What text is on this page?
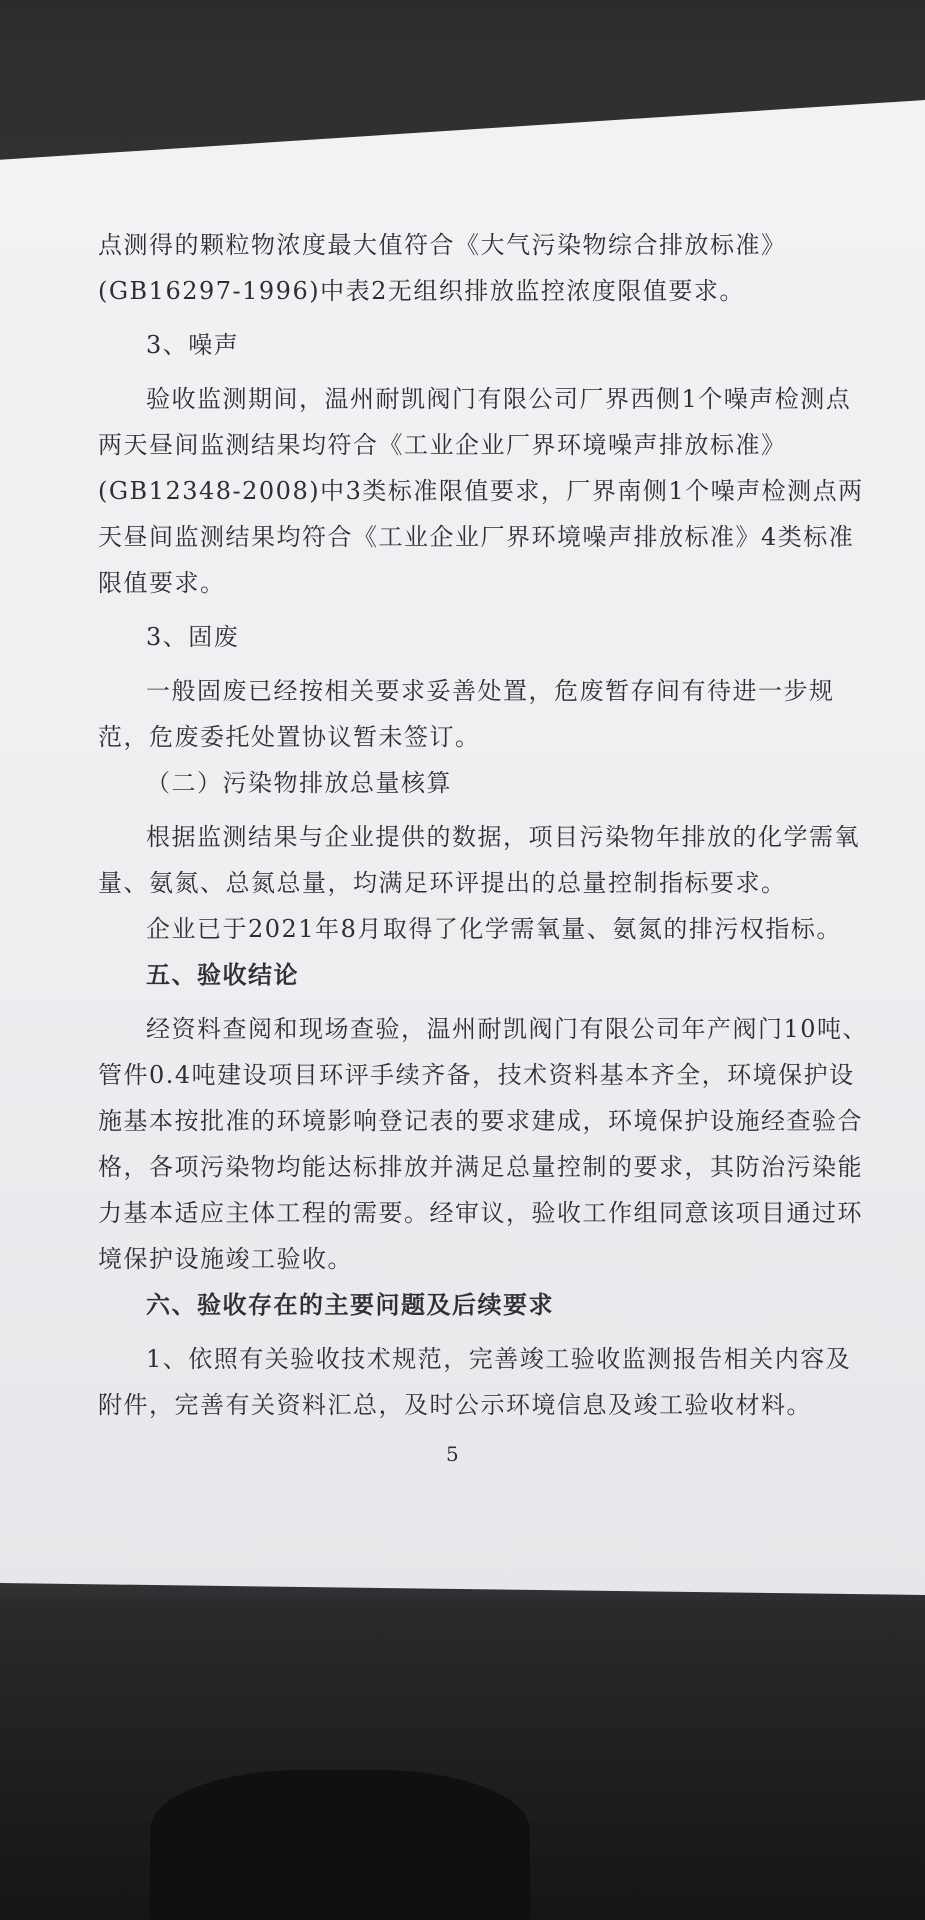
点测得的颗粒物浓度最大值符合《大气污染物综合排放标准》
(GB16297-1996)中表2无组织排放监控浓度限值要求。
3、噪声
验收监测期间，温州耐凯阀门有限公司厂界西侧1个噪声检测点
两天昼间监测结果均符合《工业企业厂界环境噪声排放标准》
(GB12348-2008)中3类标准限值要求，厂界南侧1个噪声检测点两
天昼间监测结果均符合《工业企业厂界环境噪声排放标准》4类标准
限值要求。
3、固废
一般固废已经按相关要求妥善处置，危废暂存间有待进一步规
范，危废委托处置协议暂未签订。
（二）污染物排放总量核算
根据监测结果与企业提供的数据，项目污染物年排放的化学需氧
量、氨氮、总氮总量，均满足环评提出的总量控制指标要求。
企业已于2021年8月取得了化学需氧量、氨氮的排污权指标。
五、验收结论
经资料查阅和现场查验，温州耐凯阀门有限公司年产阀门10吨、
管件0.4吨建设项目环评手续齐备，技术资料基本齐全，环境保护设
施基本按批准的环境影响登记表的要求建成，环境保护设施经查验合
格，各项污染物均能达标排放并满足总量控制的要求，其防治污染能
力基本适应主体工程的需要。经审议，验收工作组同意该项目通过环
境保护设施竣工验收。
六、验收存在的主要问题及后续要求
1、依照有关验收技术规范，完善竣工验收监测报告相关内容及
附件，完善有关资料汇总，及时公示环境信息及竣工验收材料。
5
